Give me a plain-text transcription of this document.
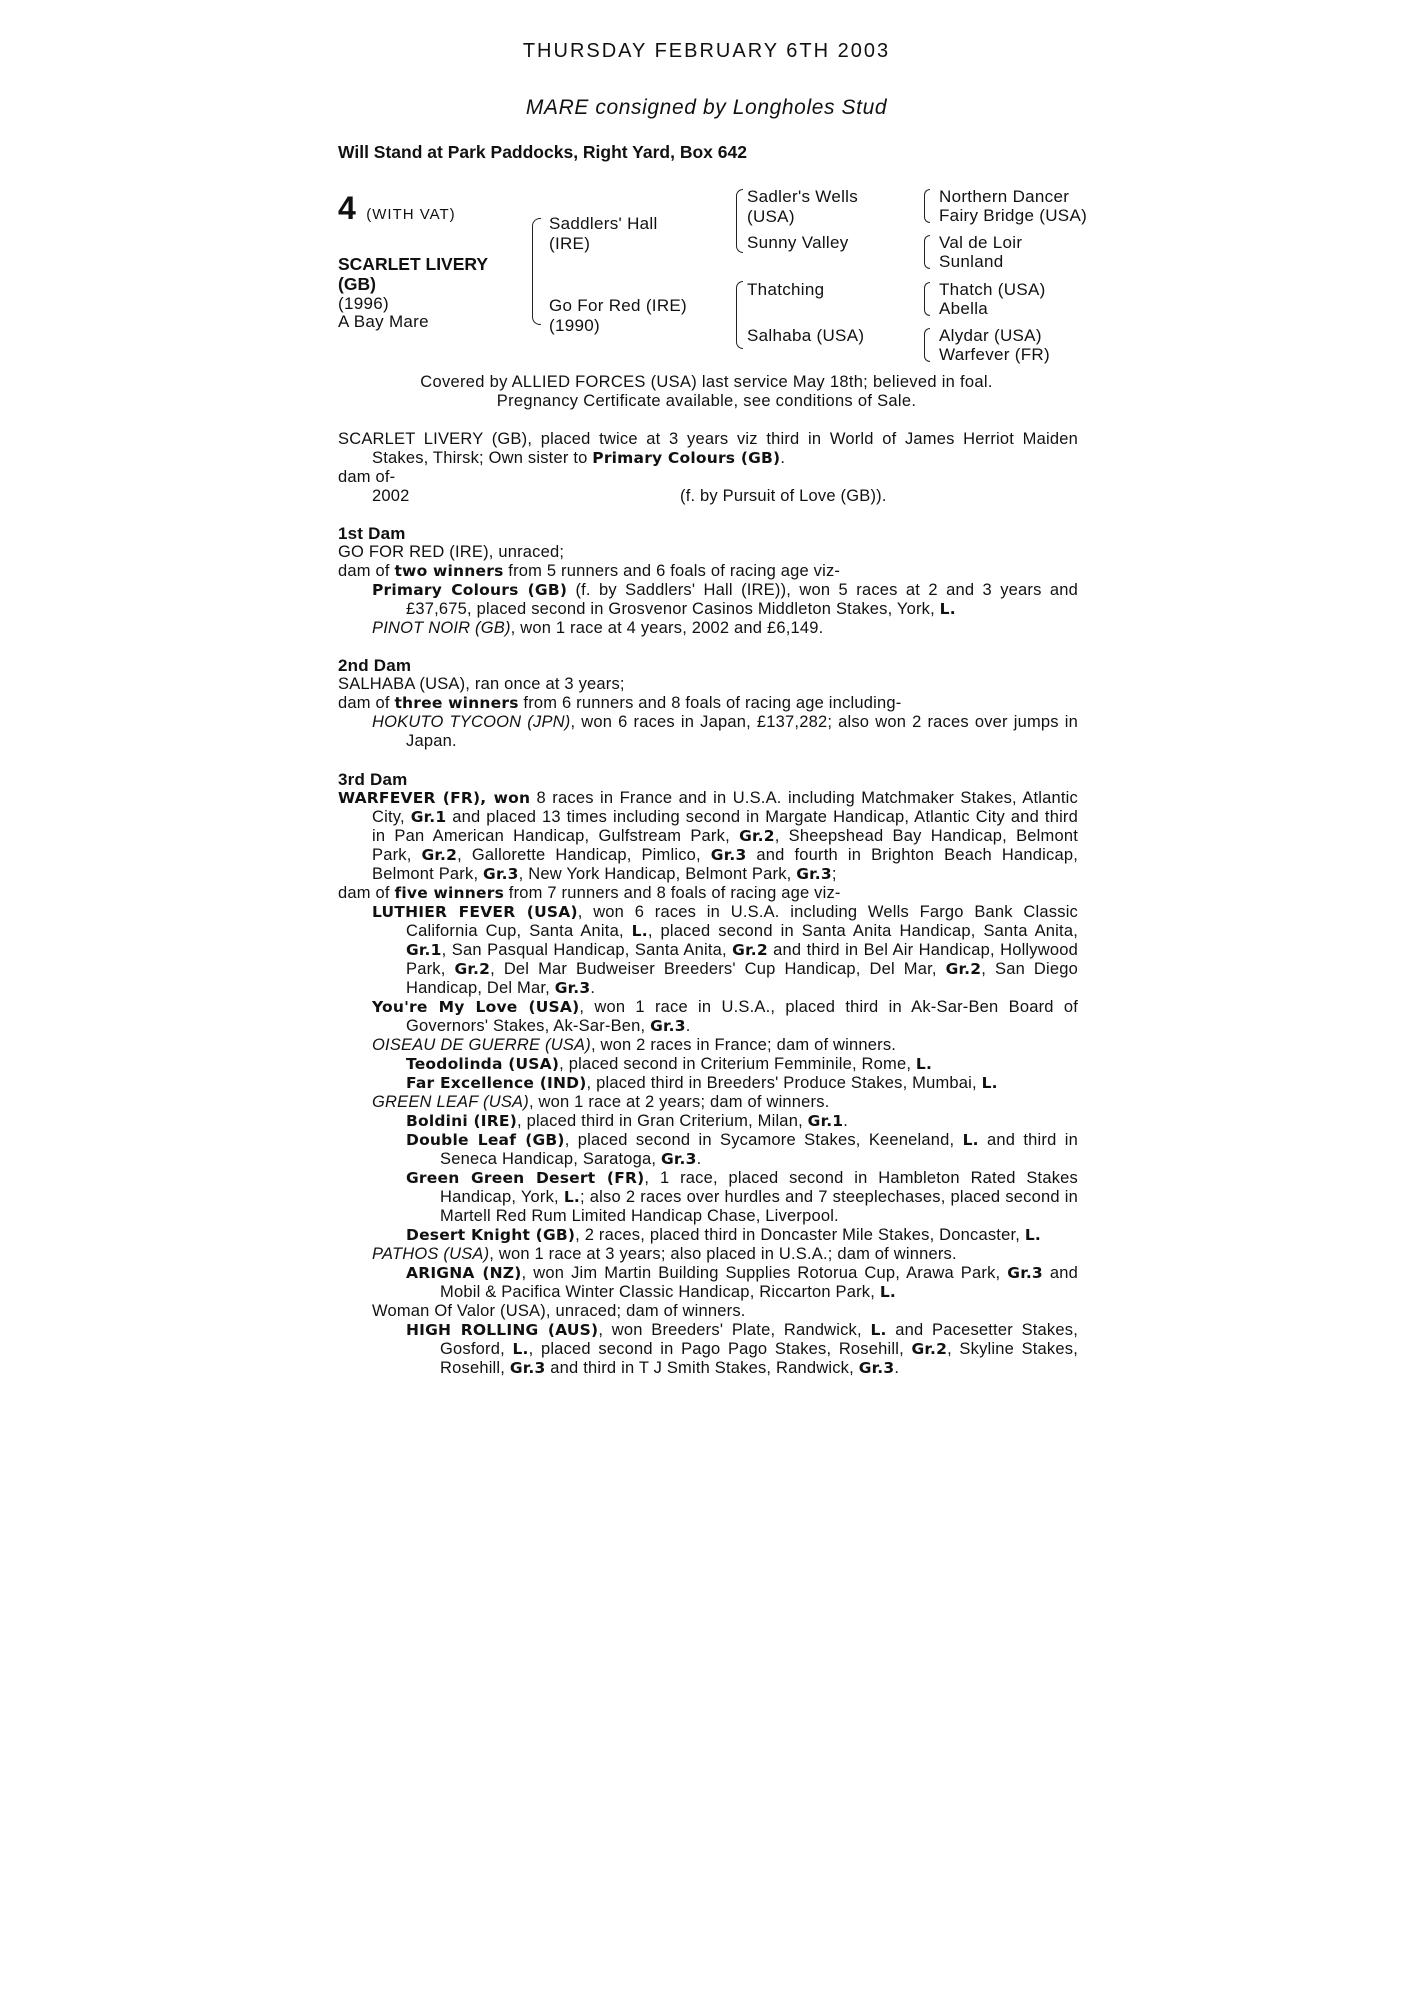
THURSDAY FEBRUARY 6TH 2003
MARE consigned by Longholes Stud
Will Stand at Park Paddocks, Right Yard, Box 642
4 (WITH VAT)
SCARLET LIVERY
(GB)
(1996)
A Bay Mare
Saddlers' Hall
(IRE)
Go For Red (IRE)
(1990)
Sadler's Wells
(USA)
Sunny Valley
Thatching
Salhaba (USA)
Northern Dancer
Fairy Bridge (USA)
Val de Loir
Sunland
Thatch (USA)
Abella
Alydar (USA)
Warfever (FR)
Covered by ALLIED FORCES (USA) last service May 18th; believed in foal.
Pregnancy Certificate available, see conditions of Sale.

SCARLET LIVERY (GB), placed twice at 3 years viz third in World of James Herriot Maiden Stakes, Thirsk; Own sister to Primary Colours (GB).

dam of-

2002	(f. by Pursuit of Love (GB)).

1st Dam

GO FOR RED (IRE), unraced;

dam of two winners from 5 runners and 6 foals of racing age viz-

Primary Colours (GB) (f. by Saddlers' Hall (IRE)), won 5 races at 2 and 3 years and £37,675, placed second in Grosvenor Casinos Middleton Stakes, York, L.

PINOT NOIR (GB), won 1 race at 4 years, 2002 and £6,149.

2nd Dam

SALHABA (USA), ran once at 3 years;

dam of three winners from 6 runners and 8 foals of racing age including-

HOKUTO TYCOON (JPN), won 6 races in Japan, £137,282; also won 2 races over jumps in Japan.

3rd Dam

WARFEVER (FR), won 8 races in France and in U.S.A. including Matchmaker Stakes, Atlantic City, Gr.1 and placed 13 times including second in Margate Handicap, Atlantic City and third in Pan American Handicap, Gulfstream Park, Gr.2, Sheepshead Bay Handicap, Belmont Park, Gr.2, Gallorette Handicap, Pimlico, Gr.3 and fourth in Brighton Beach Handicap, Belmont Park, Gr.3, New York Handicap, Belmont Park, Gr.3;

dam of five winners from 7 runners and 8 foals of racing age viz-

LUTHIER FEVER (USA), won 6 races in U.S.A. including Wells Fargo Bank Classic California Cup, Santa Anita, L., placed second in Santa Anita Handicap, Santa Anita, Gr.1, San Pasqual Handicap, Santa Anita, Gr.2 and third in Bel Air Handicap, Hollywood Park, Gr.2, Del Mar Budweiser Breeders' Cup Handicap, Del Mar, Gr.2, San Diego Handicap, Del Mar, Gr.3.

You're My Love (USA), won 1 race in U.S.A., placed third in Ak-Sar-Ben Board of Governors' Stakes, Ak-Sar-Ben, Gr.3.

OISEAU DE GUERRE (USA), won 2 races in France; dam of winners.

Teodolinda (USA), placed second in Criterium Femminile, Rome, L.

Far Excellence (IND), placed third in Breeders' Produce Stakes, Mumbai, L.

GREEN LEAF (USA), won 1 race at 2 years; dam of winners.

Boldini (IRE), placed third in Gran Criterium, Milan, Gr.1.

Double Leaf (GB), placed second in Sycamore Stakes, Keeneland, L. and third in Seneca Handicap, Saratoga, Gr.3.

Green Green Desert (FR), 1 race, placed second in Hambleton Rated Stakes Handicap, York, L.; also 2 races over hurdles and 7 steeplechases, placed second in Martell Red Rum Limited Handicap Chase, Liverpool.

Desert Knight (GB), 2 races, placed third in Doncaster Mile Stakes, Doncaster, L.

PATHOS (USA), won 1 race at 3 years; also placed in U.S.A.; dam of winners.

ARIGNA (NZ), won Jim Martin Building Supplies Rotorua Cup, Arawa Park, Gr.3 and Mobil & Pacifica Winter Classic Handicap, Riccarton Park, L.

Woman Of Valor (USA), unraced; dam of winners.

HIGH ROLLING (AUS), won Breeders' Plate, Randwick, L. and Pacesetter Stakes, Gosford, L., placed second in Pago Pago Stakes, Rosehill, Gr.2, Skyline Stakes, Rosehill, Gr.3 and third in T J Smith Stakes, Randwick, Gr.3.
